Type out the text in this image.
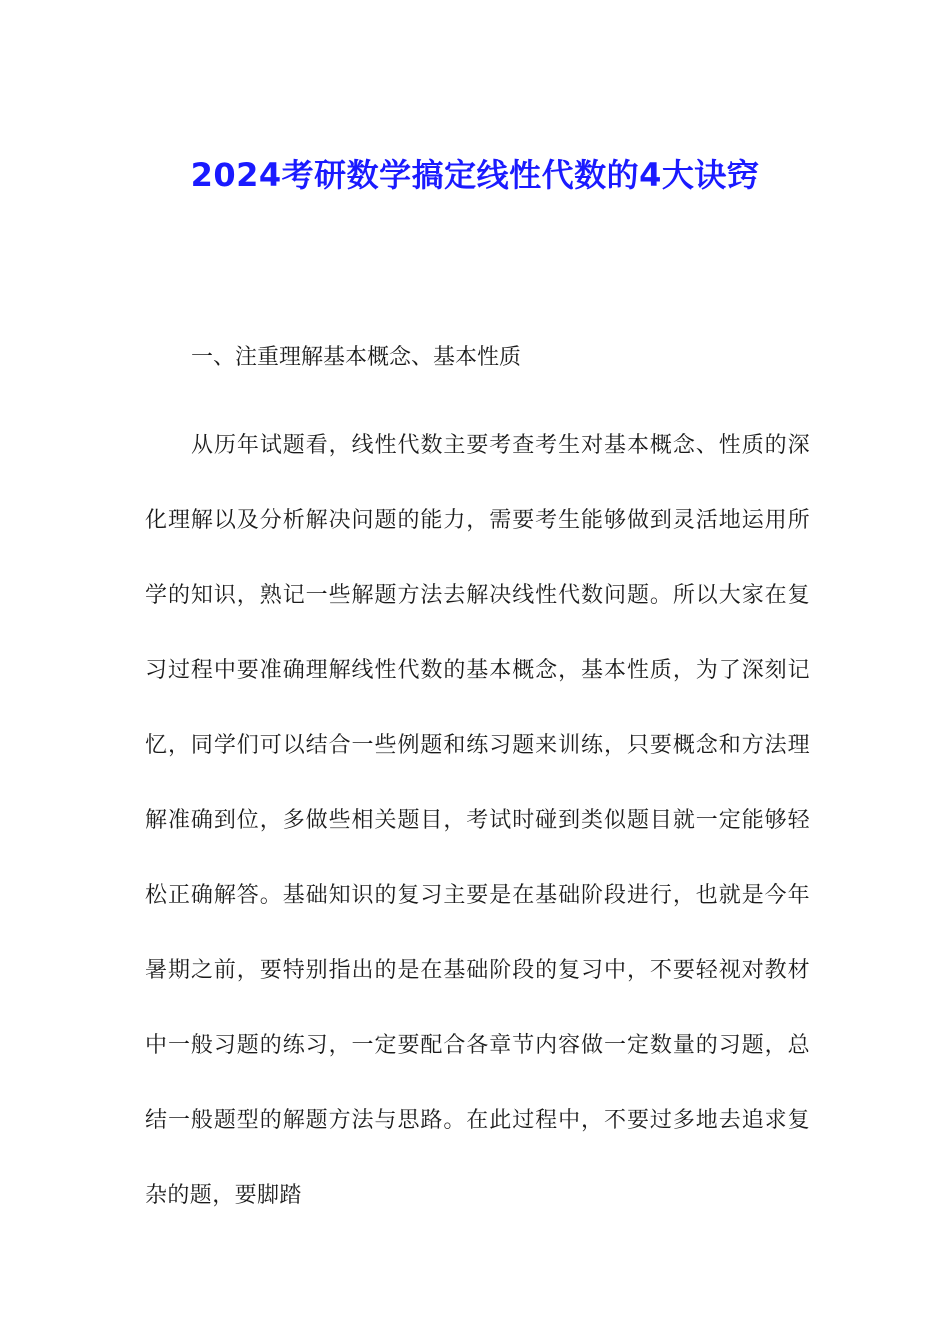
2024考研数学搞定线性代数的4大诀窍

一、注重理解基本概念、基本性质

从历年试题看，线性代数主要考查考生对基本概念、性质的深化理解以及分析解决问题的能力，需要考生能够做到灵活地运用所学的知识，熟记一些解题方法去解决线性代数问题。所以大家在复习过程中要准确理解线性代数的基本概念，基本性质，为了深刻记忆，同学们可以结合一些例题和练习题来训练，只要概念和方法理解准确到位，多做些相关题目，考试时碰到类似题目就一定能够轻松正确解答。基础知识的复习主要是在基础阶段进行，也就是今年暑期之前，要特别指出的是在基础阶段的复习中，不要轻视对教材中一般习题的练习，一定要配合各章节内容做一定数量的习题，总结一般题型的解题方法与思路。在此过程中，不要过多地去追求复杂的题，要脚踏
